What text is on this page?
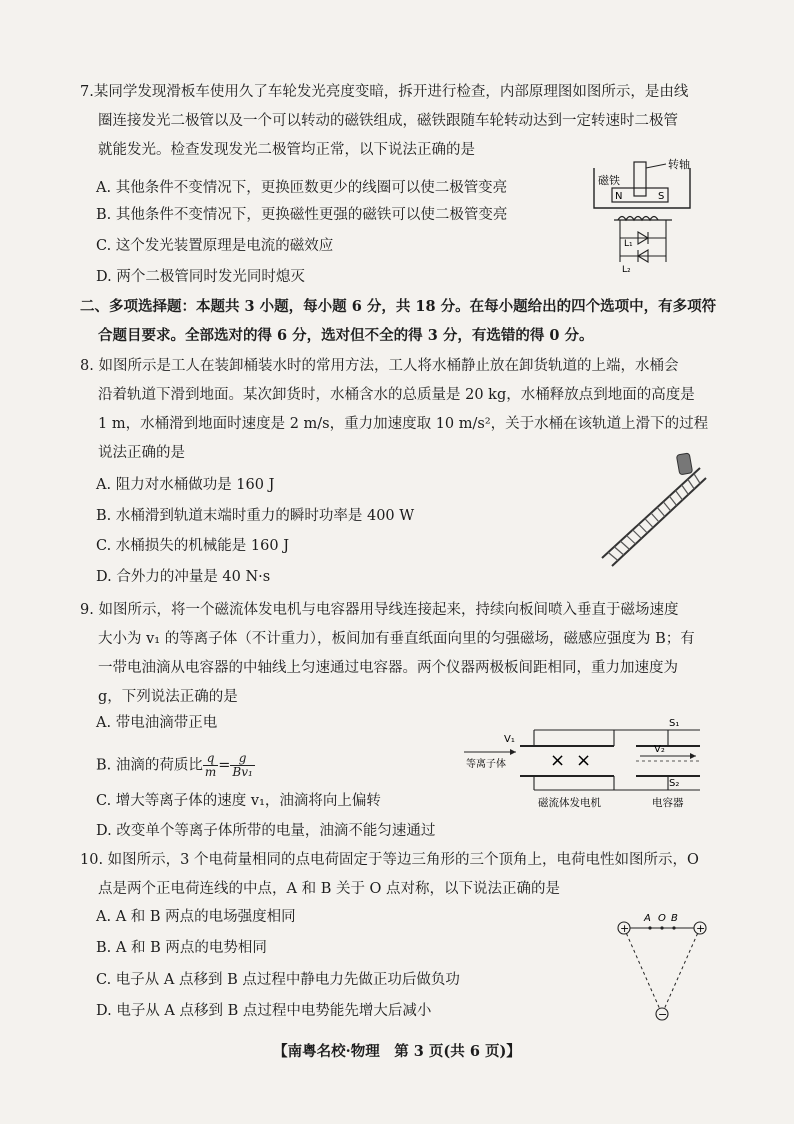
7.某同学发现滑板车使用久了车轮发光亮度变暗，拆开进行检查，内部原理图如图所示，是由线

圈连接发光二极管以及一个可以转动的磁铁组成，磁铁跟随车轮转动达到一定转速时二极管

就能发光。检查发现发光二极管均正常，以下说法正确的是

A. 其他条件不变情况下，更换匝数更少的线圈可以使二极管变亮
B. 其他条件不变情况下，更换磁性更强的磁铁可以使二极管变亮
C. 这个发光装置原理是电流的磁效应
D. 两个二极管同时发光同时熄灭
转轴
磁铁
N	S
L₁
L₂

二、多项选择题：本题共 3 小题，每小题 6 分，共 18 分。在每小题给出的四个选项中，有多项符

合题目要求。全部选对的得 6 分，选对但不全的得 3 分，有选错的得 0 分。

8. 如图所示是工人在装卸桶装水时的常用方法，工人将水桶静止放在卸货轨道的上端，水桶会

沿着轨道下滑到地面。某次卸货时，水桶含水的总质量是 20 kg，水桶释放点到地面的高度是

1 m，水桶滑到地面时速度是 2 m/s，重力加速度取 10 m/s²，关于水桶在该轨道上滑下的过程

说法正确的是

A. 阻力对水桶做功是 160 J
B. 水桶滑到轨道末端时重力的瞬时功率是 400 W
C. 水桶损失的机械能是 160 J
D. 合外力的冲量是 40 N·s

9. 如图所示，将一个磁流体发电机与电容器用导线连接起来，持续向板间喷入垂直于磁场速度

大小为 v₁ 的等离子体（不计重力），板间加有垂直纸面向里的匀强磁场，磁感应强度为 B；有

一带电油滴从电容器的中轴线上匀速通过电容器。两个仪器两极板间距相同，重力加速度为

g，下列说法正确的是

A. 带电油滴带正电
B. 油滴的荷质比 $\frac{q}{m} = \frac{g}{\text{Bv₁}}$
C. 增大等离子体的速度 v₁，油滴将向上偏转
D. 改变单个等离子体所带的电量，油滴不能匀速通过
V₁
等离子体 × ×
V₂
S₁
S₂
磁流体发电机	电容器

10. 如图所示，3 个电荷量相同的点电荷固定于等边三角形的三个顶角上，电荷电性如图所示，O

点是两个正电荷连线的中点，A 和 B 关于 O 点对称，以下说法正确的是

A. A 和 B 两点的电场强度相同
B. A 和 B 两点的电势相同
C. 电子从 A 点移到 B 点过程中静电力先做正功后做负功
D. 电子从 A 点移到 B 点过程中电势能先增大后减小
+	+
−
A O B
【南粤名校·物理　第 3 页(共 6 页)】
